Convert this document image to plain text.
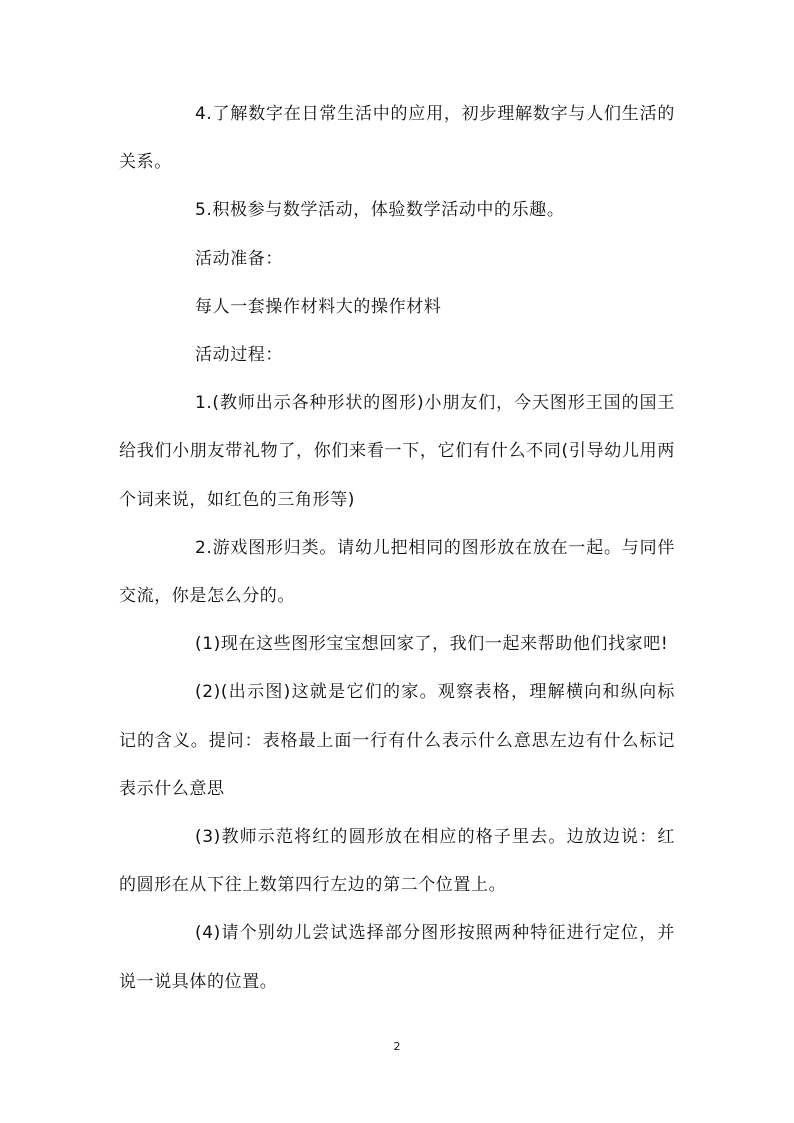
4.了解数字在日常生活中的应用，初步理解数字与人们生活的关系。

5.积极参与数学活动，体验数学活动中的乐趣。

活动准备：

每人一套操作材料大的操作材料

活动过程：

1.(教师出示各种形状的图形)小朋友们，今天图形王国的国王给我们小朋友带礼物了，你们来看一下，它们有什么不同(引导幼儿用两个词来说，如红色的三角形等)

2.游戏图形归类。请幼儿把相同的图形放在放在一起。与同伴交流，你是怎么分的。

(1)现在这些图形宝宝想回家了，我们一起来帮助他们找家吧!

(2)(出示图)这就是它们的家。观察表格，理解横向和纵向标记的含义。提问：表格最上面一行有什么表示什么意思左边有什么标记表示什么意思

(3)教师示范将红的圆形放在相应的格子里去。边放边说：红的圆形在从下往上数第四行左边的第二个位置上。

(4)请个别幼儿尝试选择部分图形按照两种特征进行定位，并说一说具体的位置。

2
